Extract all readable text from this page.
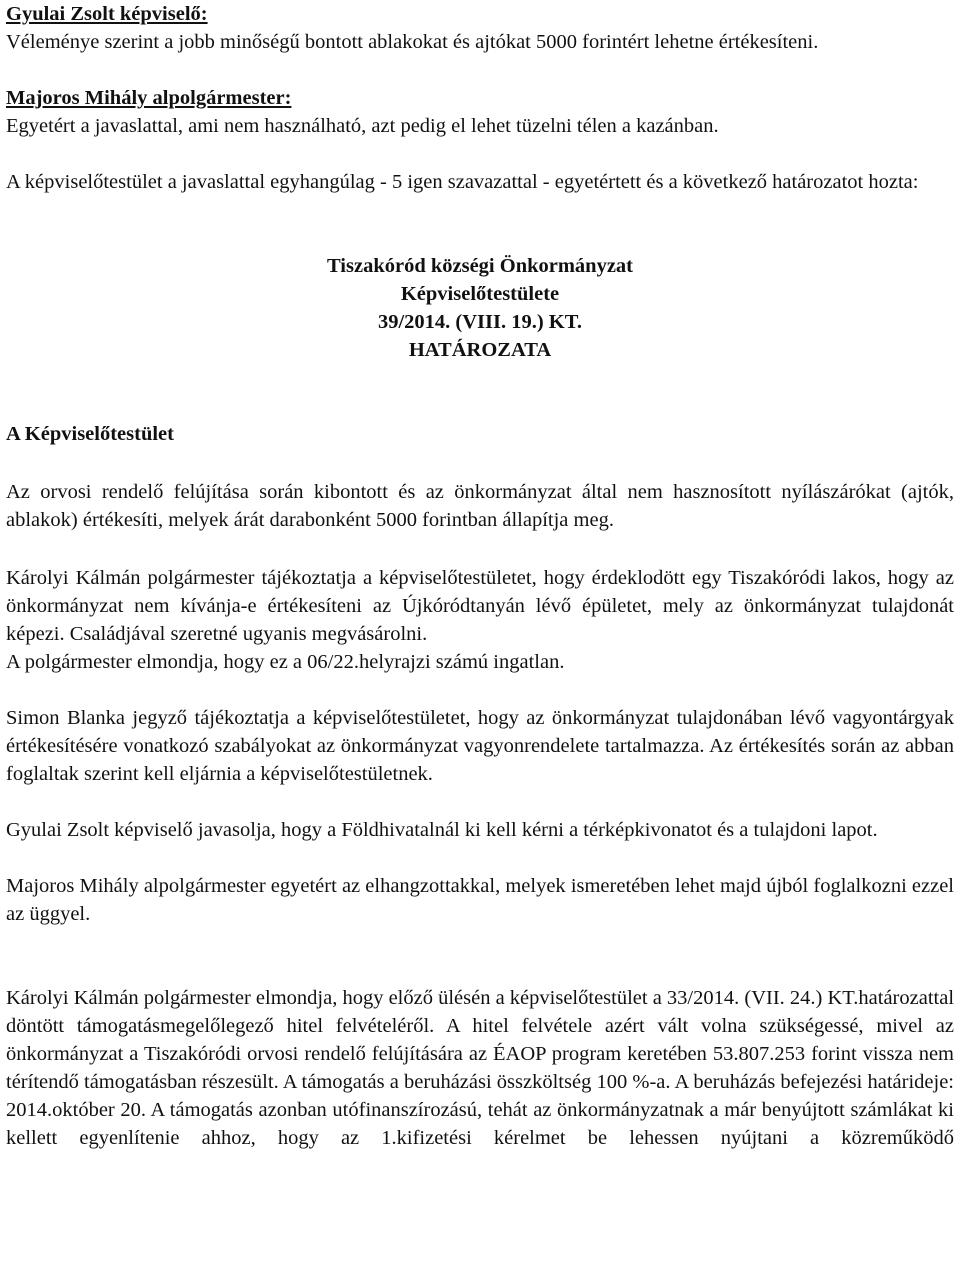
Gyulai Zsolt képviselő:

Véleménye szerint a jobb minőségű bontott ablakokat és ajtókat 5000 forintért lehetne értékesíteni.

Majoros Mihály alpolgármester:

Egyetért a javaslattal, ami nem használható, azt pedig el lehet tüzelni télen a kazánban.

A képviselőtestület a javaslattal egyhangúlag - 5 igen szavazattal - egyetértett és a következő határozatot hozta:

Tiszakóród községi Önkormányzat
Képviselőtestülete
39/2014. (VIII. 19.) KT.
HATÁROZATA

A Képviselőtestület

Az orvosi rendelő felújítása során kibontott és az önkormányzat által nem hasznosított nyílászárókat (ajtók, ablakok) értékesíti, melyek árát darabonként 5000 forintban állapítja meg.

Károlyi Kálmán polgármester tájékoztatja a képviselőtestületet, hogy érdeklodött egy Tiszakóródi lakos, hogy az önkormányzat nem kívánja-e értékesíteni az Újkóródtanyán lévő épületet, mely az önkormányzat tulajdonát képezi. Családjával szeretné ugyanis megvásárolni.

A polgármester elmondja, hogy ez a 06/22.helyrajzi számú ingatlan.

Simon Blanka jegyző tájékoztatja a képviselőtestületet, hogy az önkormányzat tulajdonában lévő vagyontárgyak értékesítésére vonatkozó szabályokat az önkormányzat vagyonrendelete tartalmazza. Az értékesítés során az abban foglaltak szerint kell eljárnia a képviselőtestületnek.

Gyulai Zsolt képviselő javasolja, hogy a Földhivatalnál ki kell kérni a térképkivonatot és a tulajdoni lapot.

Majoros Mihály alpolgármester egyetért az elhangzottakkal, melyek ismeretében lehet majd újból foglalkozni ezzel az üggyel.

Károlyi Kálmán polgármester elmondja, hogy előző ülésén a képviselőtestület a 33/2014. (VII. 24.) KT.határozattal döntött támogatásmegelőlegező hitel felvételéről. A hitel felvétele azért vált volna szükségessé, mivel az önkormányzat a Tiszakóródi orvosi rendelő felújítására az ÉAOP program keretében 53.807.253 forint vissza nem térítendő támogatásban részesült. A támogatás a beruházási összköltség 100 %-a. A beruházás befejezési határideje: 2014.október 20. A támogatás azonban utófinanszírozású, tehát az önkormányzatnak a már benyújtott számlákat ki kellett egyenlítenie ahhoz, hogy az 1.kifizetési kérelmet be lehessen nyújtani a közreműködő
